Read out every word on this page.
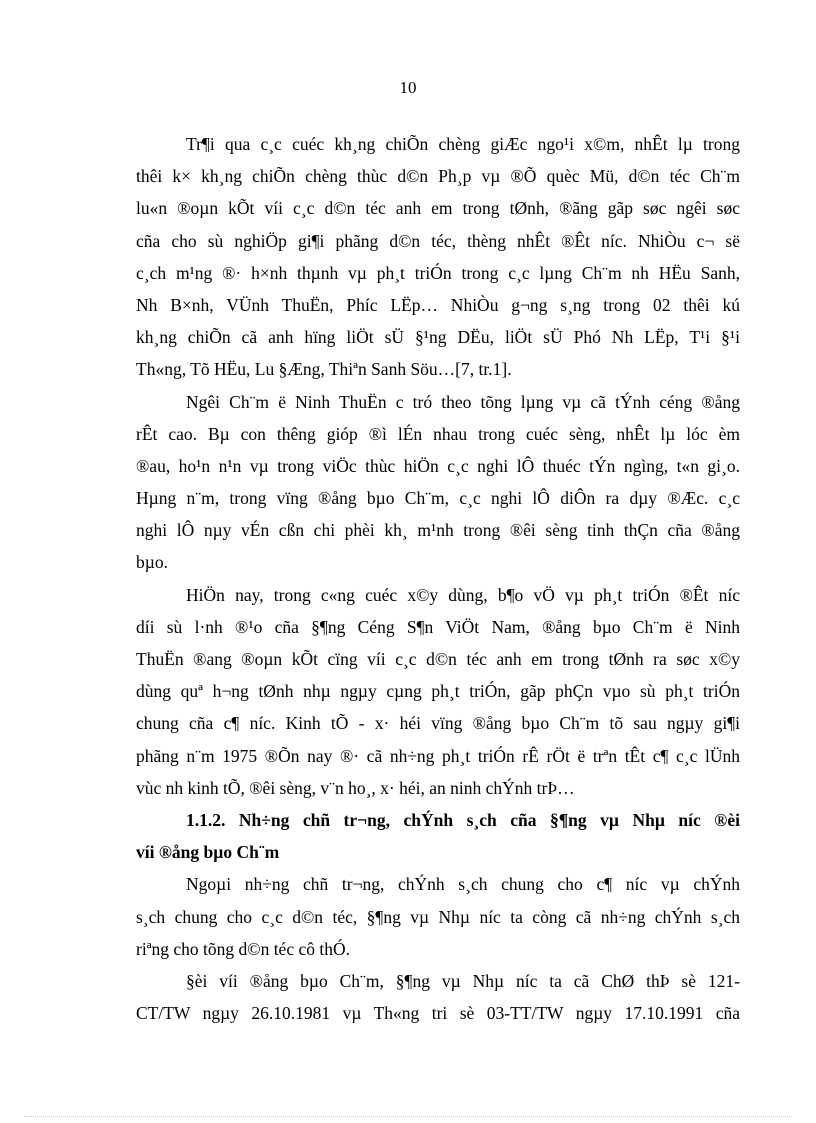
10
Tr¶i qua c¸c cuéc kh¸ng chiÕn chèng giÆc ngo¹i x©m, nhÊt lµ trong
thêi k× kh¸ng chiÕn chèng thùc d©n Ph¸p vµ ®Õ quèc Mü, d©n téc Ch¨m
lu«n ®oµn kÕt víi c¸c d©n téc anh em trong tØnh, ®ãng gãp søc ngêi søc
cña cho sù nghiÖp gi¶i phãng d©n téc, thèng nhÊt ®Êt níc. NhiÒu c¬ së
c¸ch m¹ng ®· h×nh thµnh vµ ph¸t triÓn trong c¸c lµng Ch¨m nh HËu Sanh,
Nh B×nh, VÜnh ThuËn, Phíc LËp… NhiÒu g¬ng s¸ng trong 02 thêi kú
kh¸ng chiÕn cã anh hïng liÖt sÜ §¹ng DËu, liÖt sÜ Phó Nh LËp, T¹i §¹i
Th«ng, Tõ HËu, Lu §Æng, Thiªn Sanh Söu…[7, tr.1].
Ngêi Ch¨m ë Ninh ThuËn c tró theo tõng lµng vµ cã tÝnh céng ®ång
rÊt cao. Bµ con thêng gióp ®ì lÉn nhau trong cuéc sèng, nhÊt lµ lóc èm
®au, ho¹n n¹n vµ trong viÖc thùc hiÖn c¸c nghi lÔ thuéc tÝn ngìng, t«n gi¸o.
Hµng n¨m, trong vïng ®ång bµo Ch¨m, c¸c nghi lÔ diÔn ra dµy ®Æc. c¸c
nghi lÔ nµy vÉn cßn chi phèi kh¸ m¹nh trong ®êi sèng tinh thÇn cña ®ång
bµo.
HiÖn nay, trong c«ng cuéc x©y dùng, b¶o vÖ vµ ph¸t triÓn ®Êt níc
díi sù l·nh ®¹o cña §¶ng Céng S¶n ViÖt Nam, ®ång bµo Ch¨m ë Ninh
ThuËn ®ang ®oµn kÕt cïng víi c¸c d©n téc anh em trong tØnh ra søc x©y
dùng quª h¬ng tØnh nhµ ngµy cµng ph¸t triÓn, gãp phÇn vµo sù ph¸t triÓn
chung cña c¶ níc. Kinh tÕ - x· héi vïng ®ång bµo Ch¨m tõ sau ngµy gi¶i
phãng n¨m 1975 ®Õn nay ®· cã nh÷ng ph¸t triÓn rÊ rÖt ë trªn tÊt c¶ c¸c lÜnh
vùc nh kinh tÕ, ®êi sèng, v¨n ho¸, x· héi, an ninh chÝnh trÞ…
1.1.2. Nh÷ng chñ tr¬ng, chÝnh s¸ch cña §¶ng vµ Nhµ níc ®èi
víi ®ång bµo Ch¨m
Ngoµi nh÷ng chñ tr¬ng, chÝnh s¸ch chung cho c¶ níc vµ chÝnh
s¸ch chung cho c¸c d©n téc, §¶ng vµ Nhµ níc ta còng cã nh÷ng chÝnh s¸ch
riªng cho tõng d©n téc cô thÓ.
§èi víi ®ång bµo Ch¨m, §¶ng vµ Nhµ níc ta cã ChØ thÞ sè 121-
CT/TW ngµy 26.10.1981 vµ Th«ng tri sè 03-TT/TW ngµy 17.10.1991 cña
